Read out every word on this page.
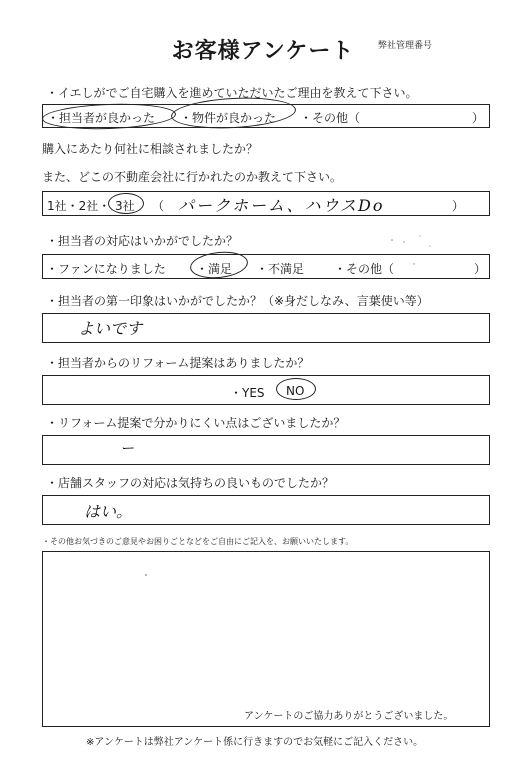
お客様アンケート	弊社管理番号
・イエしがでご自宅購入を進めていただいたご理由を教えて下さい。
・担当者が良かった ・物件が良かった ・その他（	）
購入にあたり何社に相談されましたか？
また、どこの不動産会社に行かれたのか教えて下さい。
1社・2社・ 3社 （ パークホーム、ハウスDo	）
・担当者の対応はいかがでしたか？
・ファンになりました	・満足 ・不満足 ・その他（	）
・担当者の第一印象はいかがでしたか？（※身だしなみ、言葉使い等）
よいです
・担当者からのリフォーム提案はありましたか？
・YES NO
・リフォーム提案で分かりにくい点はございましたか？
ー
・店舗スタッフの対応は気持ちの良いものでしたか？
はい。
・その他お気づきのご意見やお困りごとなどをご自由にご記入を、お願いいたします。
アンケートのご協力ありがとうございました。
※アンケートは弊社アンケート係に行きますのでお気軽にご記入ください。
